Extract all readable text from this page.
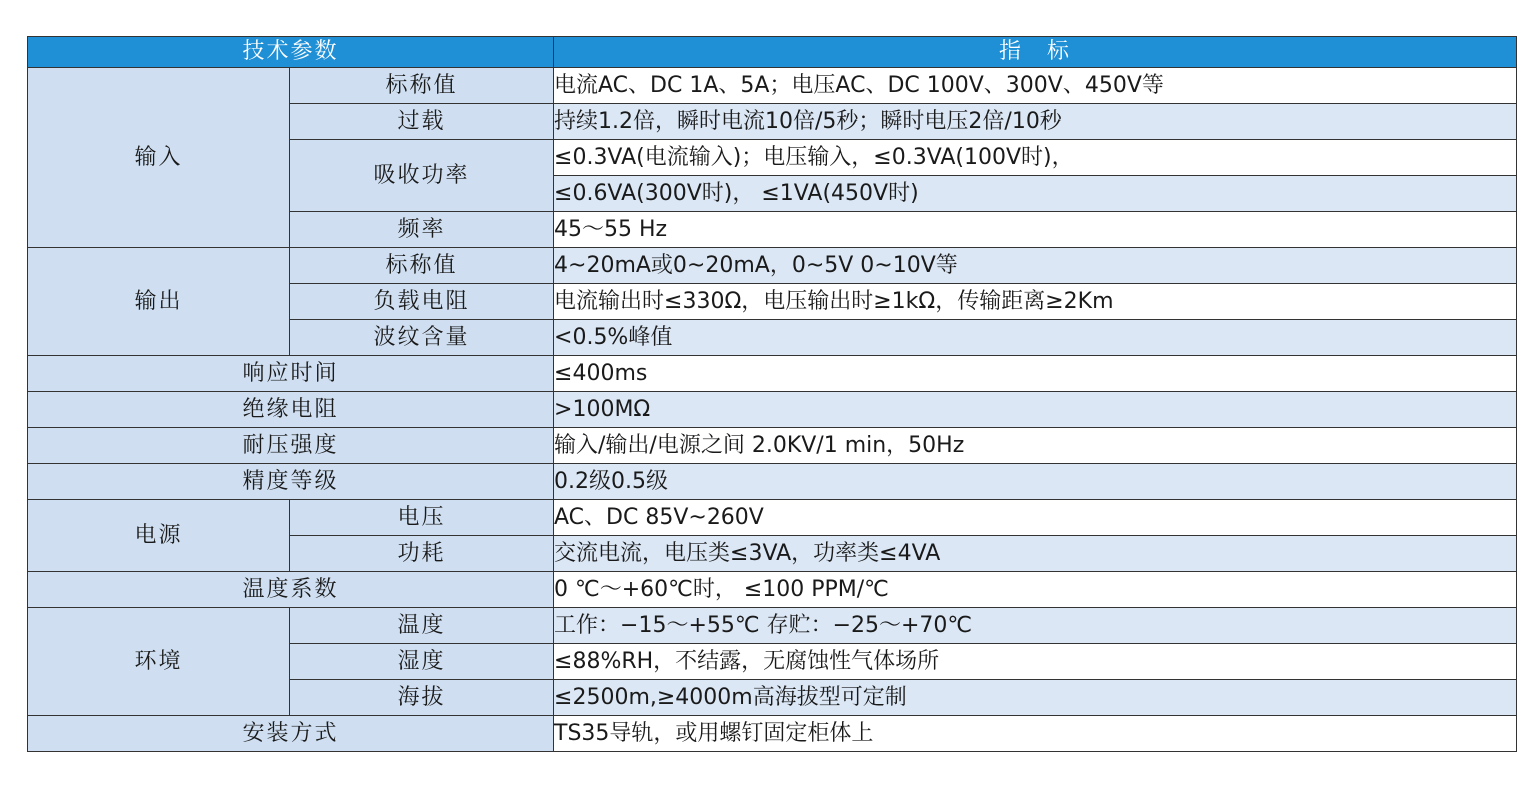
技术参数		指　标
输入	标称值	电流AC、DC 1A、5A；电压AC、DC 100V、300V、450V等
	过载	持续1.2倍，瞬时电流10倍/5秒；瞬时电压2倍/10秒
	吸收功率	≤0.3VA(电流输入)；电压输入，≤0.3VA(100V时)，
		≤0.6VA(300V时)， ≤1VA(450V时)
	频率	45～55 Hz
输出	标称值	4~20mA或0~20mA，0~5V 0~10V等
	负载电阻	电流输出时≤330Ω，电压输出时≥1kΩ，传输距离≥2Km
	波纹含量	<0.5%峰值
响应时间		≤400ms
绝缘电阻		>100MΩ
耐压强度		输入/输出/电源之间 2.0KV/1 min，50Hz
精度等级		0.2级0.5级
电源	电压	AC、DC 85V~260V
	功耗	交流电流，电压类≤3VA，功率类≤4VA
温度系数		0 ℃～+60℃时， ≤100 PPM/℃
环境	温度	工作：−15～+55℃ 存贮：−25～+70℃
	湿度	≤88%RH，不结露，无腐蚀性气体场所
	海拔	≤2500m,≥4000m高海拔型可定制
安装方式		TS35导轨，或用螺钉固定柜体上
